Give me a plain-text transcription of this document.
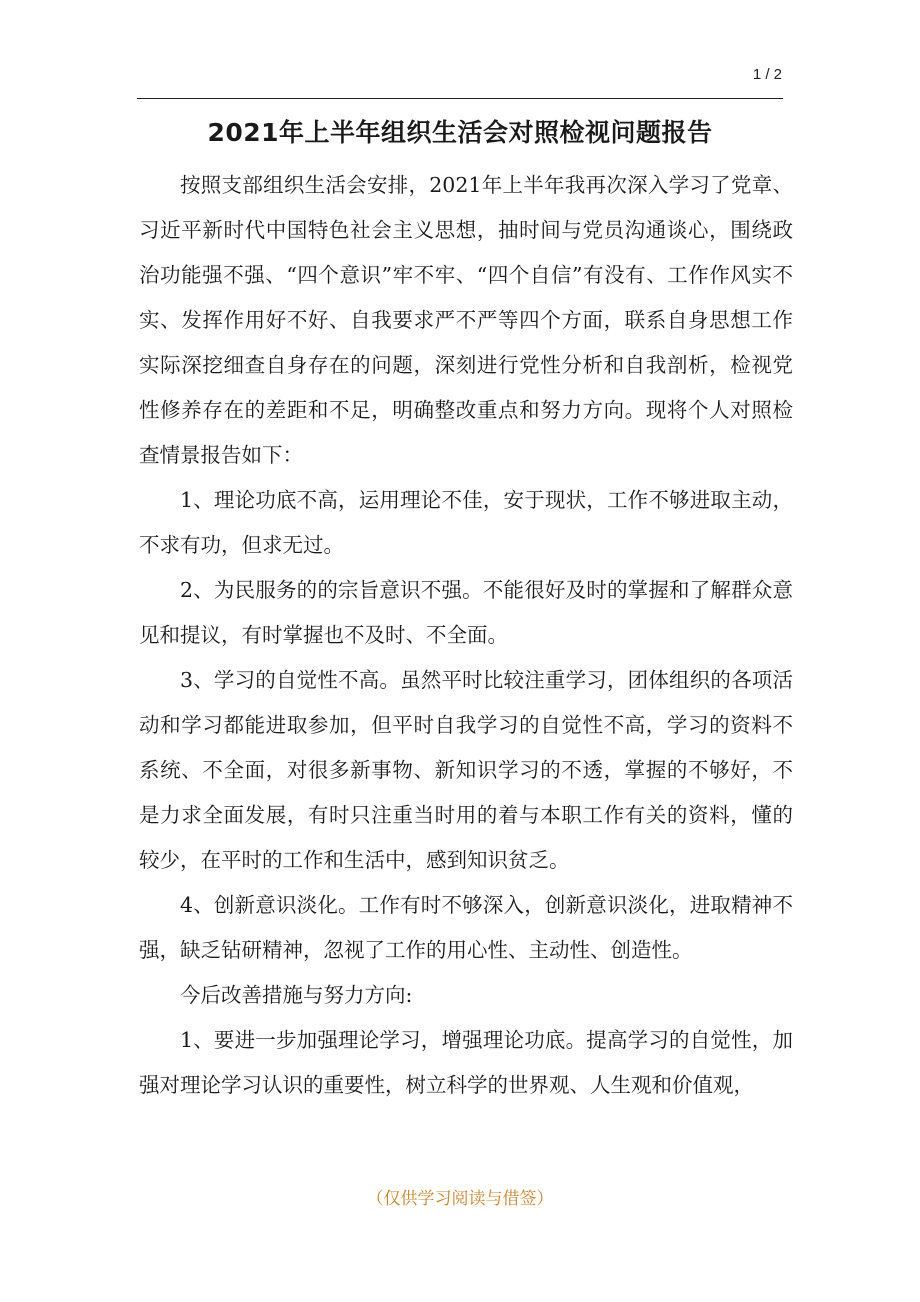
1 / 2
2021年上半年组织生活会对照检视问题报告

按照支部组织生活会安排，2021年上半年我再次深入学习了党章、习近平新时代中国特色社会主义思想，抽时间与党员沟通谈心，围绕政治功能强不强、“四个意识”牢不牢、“四个自信”有没有、工作作风实不实、发挥作用好不好、自我要求严不严等四个方面，联系自身思想工作实际深挖细查自身存在的问题，深刻进行党性分析和自我剖析，检视党性修养存在的差距和不足，明确整改重点和努力方向。现将个人对照检查情景报告如下：

1、理论功底不高，运用理论不佳，安于现状，工作不够进取主动，不求有功，但求无过。

2、为民服务的的宗旨意识不强。不能很好及时的掌握和了解群众意见和提议，有时掌握也不及时、不全面。

3、学习的自觉性不高。虽然平时比较注重学习，团体组织的各项活动和学习都能进取参加，但平时自我学习的自觉性不高，学习的资料不系统、不全面，对很多新事物、新知识学习的不透，掌握的不够好，不是力求全面发展，有时只注重当时用的着与本职工作有关的资料，懂的较少，在平时的工作和生活中，感到知识贫乏。

4、创新意识淡化。工作有时不够深入，创新意识淡化，进取精神不强，缺乏钻研精神，忽视了工作的用心性、主动性、创造性。

今后改善措施与努力方向:

1、要进一步加强理论学习，增强理论功底。提高学习的自觉性，加强对理论学习认识的重要性，树立科学的世界观、人生观和价值观，

（仅供学习阅读与借签）
